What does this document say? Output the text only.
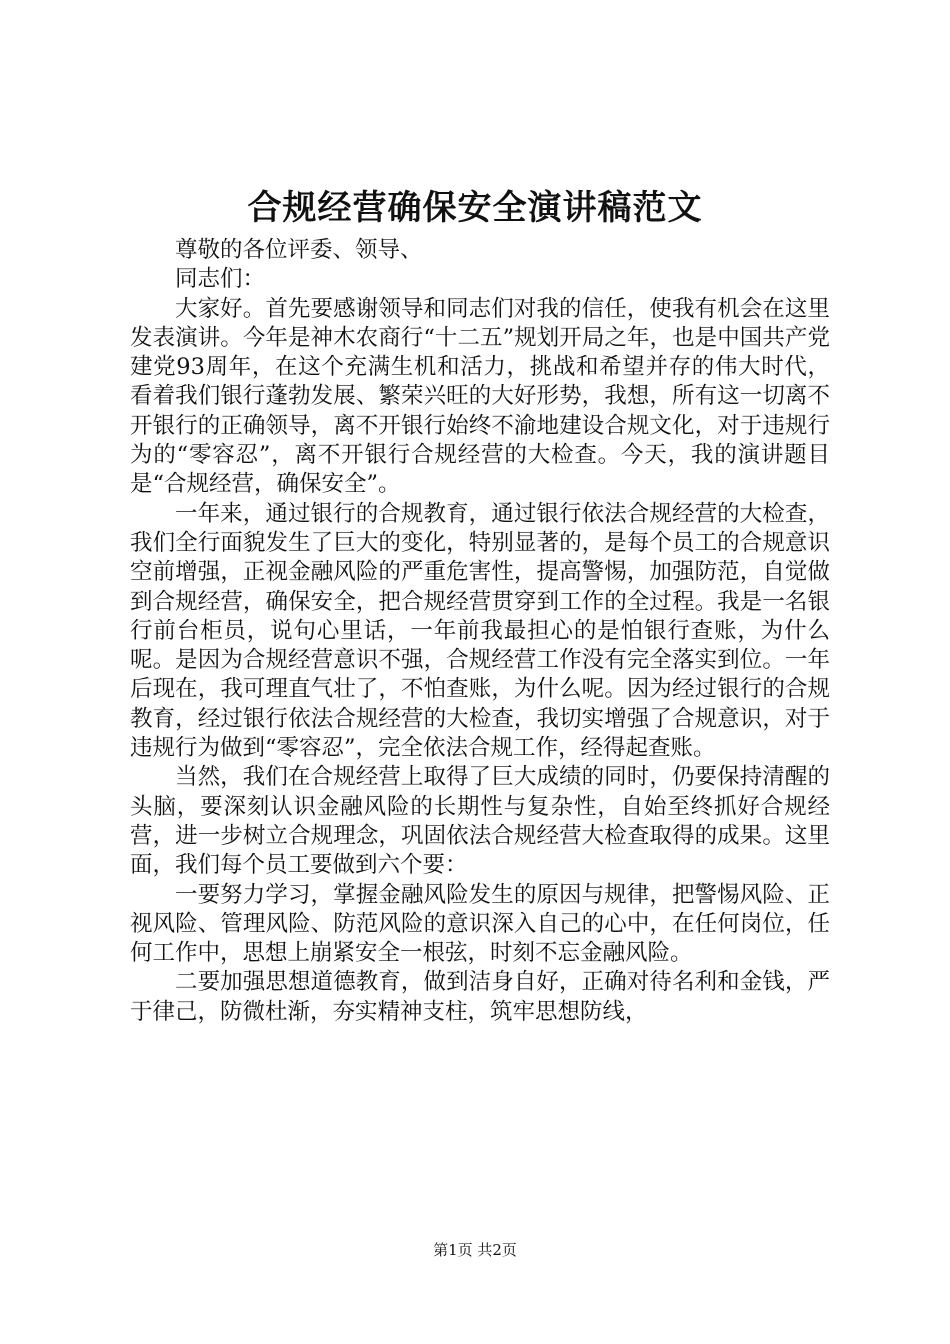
合规经营确保安全演讲稿范文

尊敬的各位评委、领导、

同志们：

大家好。首先要感谢领导和同志们对我的信任，使我有机会在这里发表演讲。今年是神木农商行“十二五”规划开局之年，也是中国共产党建党93周年，在这个充满生机和活力，挑战和希望并存的伟大时代，看着我们银行蓬勃发展、繁荣兴旺的大好形势，我想，所有这一切离不开银行的正确领导，离不开银行始终不渝地建设合规文化，对于违规行为的“零容忍”，离不开银行合规经营的大检查。今天，我的演讲题目是“合规经营，确保安全”。

一年来，通过银行的合规教育，通过银行依法合规经营的大检查，我们全行面貌发生了巨大的变化，特别显著的，是每个员工的合规意识空前增强，正视金融风险的严重危害性，提高警惕，加强防范，自觉做到合规经营，确保安全，把合规经营贯穿到工作的全过程。我是一名银行前台柜员，说句心里话，一年前我最担心的是怕银行查账，为什么呢。是因为合规经营意识不强，合规经营工作没有完全落实到位。一年后现在，我可理直气壮了，不怕查账，为什么呢。因为经过银行的合规教育，经过银行依法合规经营的大检查，我切实增强了合规意识，对于违规行为做到“零容忍”，完全依法合规工作，经得起查账。

当然，我们在合规经营上取得了巨大成绩的同时，仍要保持清醒的头脑，要深刻认识金融风险的长期性与复杂性，自始至终抓好合规经营，进一步树立合规理念，巩固依法合规经营大检查取得的成果。这里面，我们每个员工要做到六个要：

一要努力学习，掌握金融风险发生的原因与规律，把警惕风险、正视风险、管理风险、防范风险的意识深入自己的心中，在任何岗位，任何工作中，思想上崩紧安全一根弦，时刻不忘金融风险。

二要加强思想道德教育，做到洁身自好，正确对待名利和金钱，严于律己，防微杜渐，夯实精神支柱，筑牢思想防线，

第1页 共2页
